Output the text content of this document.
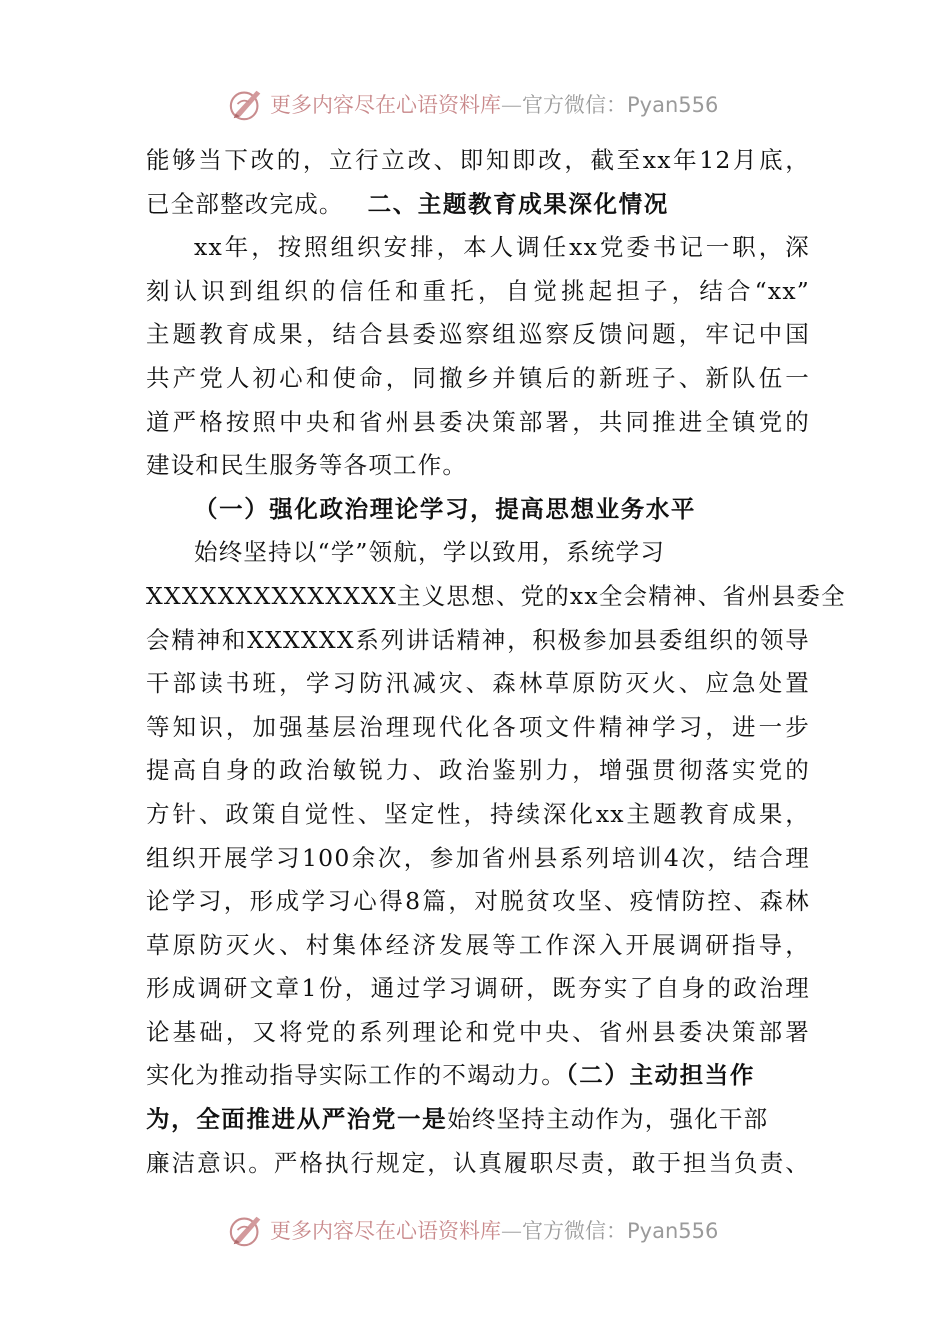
更多内容尽在心语资料库—官方微信：Pyan556
能够当下改的，立行立改、即知即改，截至xx年12月底，
已全部整改完成。 二、主题教育成果深化情况
xx年，按照组织安排，本人调任xx党委书记一职，深
刻认识到组织的信任和重托，自觉挑起担子，结合“xx”
主题教育成果，结合县委巡察组巡察反馈问题，牢记中国
共产党人初心和使命，同撤乡并镇后的新班子、新队伍一
道严格按照中央和省州县委决策部署，共同推进全镇党的
建设和民生服务等各项工作。
（一）强化政治理论学习，提高思想业务水平
始终坚持以“学”领航，学以致用，系统学习
XXXXXXXXXXXXXX主义思想、党的xx全会精神、省州县委全
会精神和XXXXXX系列讲话精神，积极参加县委组织的领导
干部读书班，学习防汛减灾、森林草原防灭火、应急处置
等知识，加强基层治理现代化各项文件精神学习，进一步
提高自身的政治敏锐力、政治鉴别力，增强贯彻落实党的
方针、政策自觉性、坚定性，持续深化xx主题教育成果，
组织开展学习100余次，参加省州县系列培训4次，结合理
论学习，形成学习心得8篇，对脱贫攻坚、疫情防控、森林
草原防灭火、村集体经济发展等工作深入开展调研指导，
形成调研文章1份，通过学习调研，既夯实了自身的政治理
论基础，又将党的系列理论和党中央、省州县委决策部署
实化为推动指导实际工作的不竭动力。（二）主动担当作
为，全面推进从严治党一是始终坚持主动作为，强化干部
廉洁意识。严格执行规定，认真履职尽责，敢于担当负责、
更多内容尽在心语资料库—官方微信：Pyan556
